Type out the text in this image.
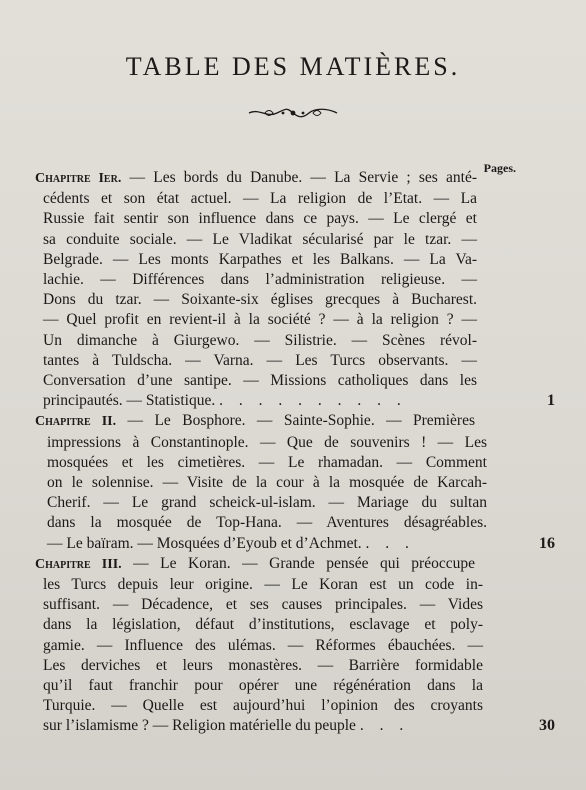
TABLE DES MATIÈRES.
Pages.
Chapitre Ier. — Les bords du Danube. — La Servie ; ses anté-
cédents et son état actuel. — La religion de l’Etat. — La
Russie fait sentir son influence dans ce pays. — Le clergé et
sa conduite sociale. — Le Vladikat sécularisé par le tzar. —
Belgrade. — Les monts Karpathes et les Balkans. — La Va-
lachie. — Différences dans l’administration religieuse. —
Dons du tzar. — Soixante-six églises grecques à Bucharest.
— Quel profit en revient-il à la société ? — à la religion ? —
Un dimanche à Giurgewo. — Silistrie. — Scènes révol-
tantes à Tuldscha. — Varna. — Les Turcs observants. —
Conversation d’une santipe. — Missions catholiques dans les
principautés. — Statistique. . . . . . . . . . .	1
Chapitre II. — Le Bosphore. — Sainte-Sophie. — Premières
impressions à Constantinople. — Que de souvenirs ! — Les
mosquées et les cimetières. — Le rhamadan. — Comment
on le solennise. — Visite de la cour à la mosquée de Karcah-
Cherif. — Le grand scheick-ul-islam. — Mariage du sultan
dans la mosquée de Top-Hana. — Aventures désagréables.
— Le baïram. — Mosquées d’Eyoub et d’Achmet. . . .	16
Chapitre III. — Le Koran. — Grande pensée qui préoccupe
les Turcs depuis leur origine. — Le Koran est un code in-
suffisant. — Décadence, et ses causes principales. — Vides
dans la législation, défaut d’institutions, esclavage et poly-
gamie. — Influence des ulémas. — Réformes ébauchées. —
Les derviches et leurs monastères. — Barrière formidable
qu’il faut franchir pour opérer une régénération dans la
Turquie. — Quelle est aujourd’hui l’opinion des croyants
sur l’islamisme ? — Religion matérielle du peuple . . .	30
